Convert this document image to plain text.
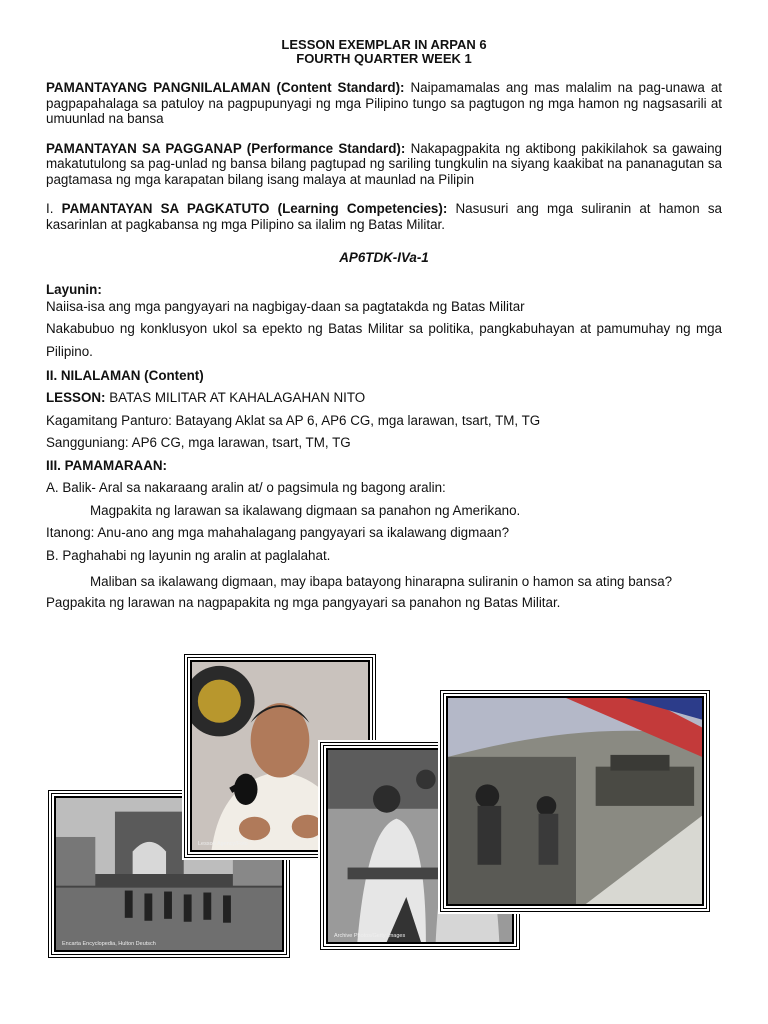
LESSON EXEMPLAR IN ARPAN 6
FOURTH QUARTER WEEK 1
PAMANTAYANG PANGNILALAMAN (Content Standard): Naipamamalas ang mas malalim na pag-unawa at pagpapahalaga sa patuloy na pagpupunyagi ng mga Pilipino tungo sa pagtugon ng mga hamon ng nagsasarili at umuunlad na bansa
PAMANTAYAN SA PAGGANAP (Performance Standard): Nakapagpakita ng aktibong pakikilahok sa gawaing makatutulong sa pag-unlad ng bansa bilang pagtupad ng sariling tungkulin na siyang kaakibat na pananagutan sa pagtamasa ng mga karapatan bilang isang malaya at maunlad na Pilipin
I. PAMANTAYAN SA PAGKATUTO (Learning Competencies): Nasusuri ang mga suliranin at hamon sa kasarinlan at pagkabansa ng mga Pilipino sa ilalim ng Batas Militar.
AP6TDK-IVa-1
Layunin:
Naiisa-isa ang mga pangyayari na nagbigay-daan sa pagtatakda ng Batas Militar
Nakabubuo ng konklusyon ukol sa epekto ng Batas Militar sa politika, pangkabuhayan at pamumuhay ng mga Pilipino.
II. NILALAMAN (Content)
LESSON: BATAS MILITAR AT KAHALAGAHAN NITO
Kagamitang Panturo: Batayang Aklat sa AP 6, AP6 CG, mga larawan, tsart, TM, TG
Sangguniang: AP6 CG, mga larawan, tsart, TM, TG
III. PAMAMARAAN:
A. Balik- Aral sa nakaraang aralin at/ o pagsimula ng bagong aralin:
Magpakita ng larawan sa ikalawang digmaan sa panahon ng Amerikano.
Itanong: Anu-ano ang mga mahahalagang pangyayari sa ikalawang digmaan?
B. Paghahabi ng layunin ng aralin at paglalahat.
Maliban sa ikalawang digmaan, may ibapa batayong hinarapna suliranin o hamon sa ating bansa?
Pagpakita ng larawan na nagpapakita ng mga pangyayari sa panahon ng Batas Militar.
Encarta Encyclopedia, Hulton Deutsch
Lesson Agency/Foto
Archive Photos/Getty Images
